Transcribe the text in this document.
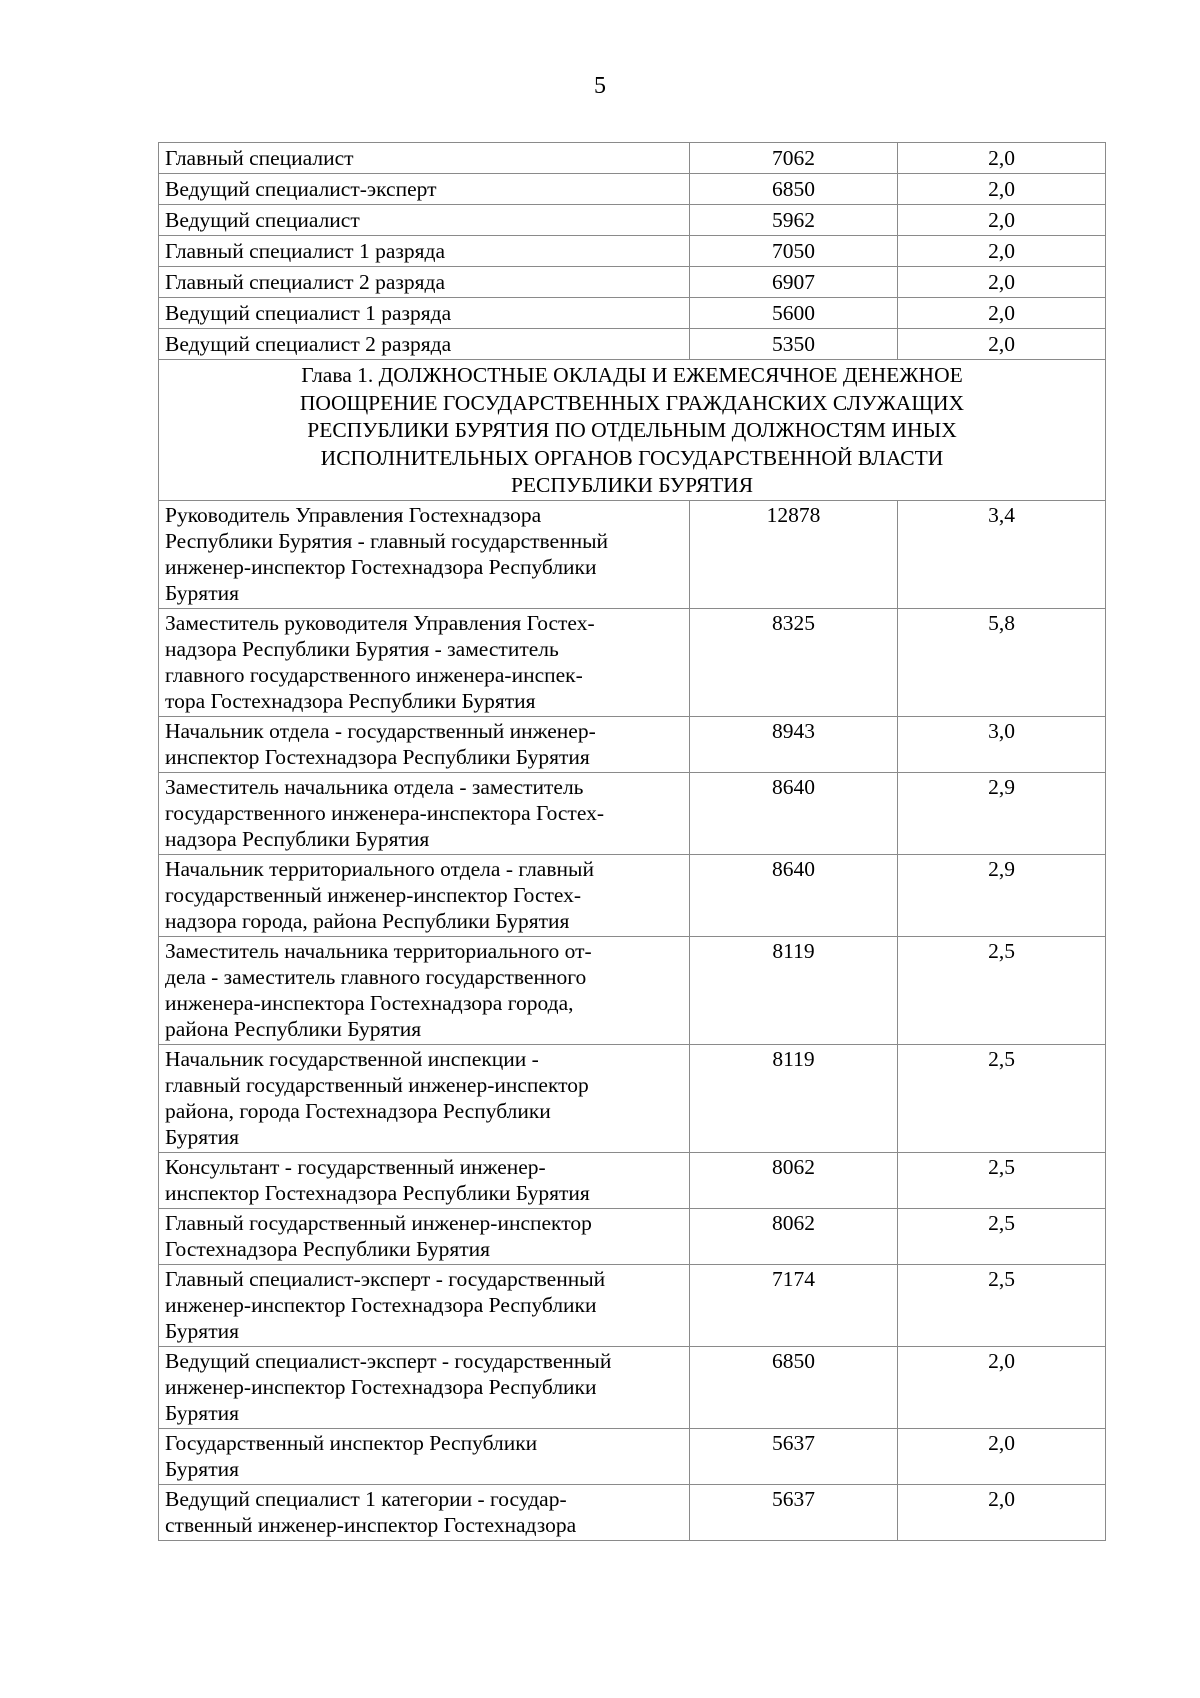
5
Главный специалист	7062	2,0
Ведущий специалист-эксперт	6850	2,0
Ведущий специалист	5962	2,0
Главный специалист 1 разряда	7050	2,0
Главный специалист 2 разряда	6907	2,0
Ведущий специалист 1 разряда	5600	2,0
Ведущий специалист 2 разряда	5350	2,0

Глава 1. ДОЛЖНОСТНЫЕ ОКЛАДЫ И ЕЖЕМЕСЯЧНОЕ ДЕНЕЖНОЕ
ПООЩРЕНИЕ ГОСУДАРСТВЕННЫХ ГРАЖДАНСКИХ СЛУЖАЩИХ
РЕСПУБЛИКИ БУРЯТИЯ ПО ОТДЕЛЬНЫМ ДОЛЖНОСТЯМ ИНЫХ
ИСПОЛНИТЕЛЬНЫХ ОРГАНОВ ГОСУДАРСТВЕННОЙ ВЛАСТИ
РЕСПУБЛИКИ БУРЯТИЯ		

Руководитель Управления Гостехнадзора
Республики Бурятия - главный государственный
инженер-инспектор Гостехнадзора Республики
Бурятия	12878	3,4

Заместитель руководителя Управления Гостех-
надзора Республики Бурятия - заместитель
главного государственного инженера-инспек-
тора Гостехнадзора Республики Бурятия	8325	5,8

Начальник отдела - государственный инженер-
инспектор Гостехнадзора Республики Бурятия	8943	3,0

Заместитель начальника отдела - заместитель
государственного инженера-инспектора Гостех-
надзора Республики Бурятия	8640	2,9

Начальник территориального отдела - главный
государственный инженер-инспектор Гостех-
надзора города, района Республики Бурятия	8640	2,9

Заместитель начальника территориального от-
дела - заместитель главного государственного
инженера-инспектора Гостехнадзора города,
района Республики Бурятия	8119	2,5

Начальник государственной инспекции -
главный государственный инженер-инспектор
района, города Гостехнадзора Республики
Бурятия	8119	2,5

Консультант - государственный инженер-
инспектор Гостехнадзора Республики Бурятия	8062	2,5

Главный государственный инженер-инспектор
Гостехнадзора Республики Бурятия	8062	2,5

Главный специалист-эксперт - государственный
инженер-инспектор Гостехнадзора Республики
Бурятия	7174	2,5

Ведущий специалист-эксперт - государственный
инженер-инспектор Гостехнадзора Республики
Бурятия	6850	2,0

Государственный инспектор Республики
Бурятия	5637	2,0

Ведущий специалист 1 категории - государ-
ственный инженер-инспектор Гостехнадзора	5637	2,0
